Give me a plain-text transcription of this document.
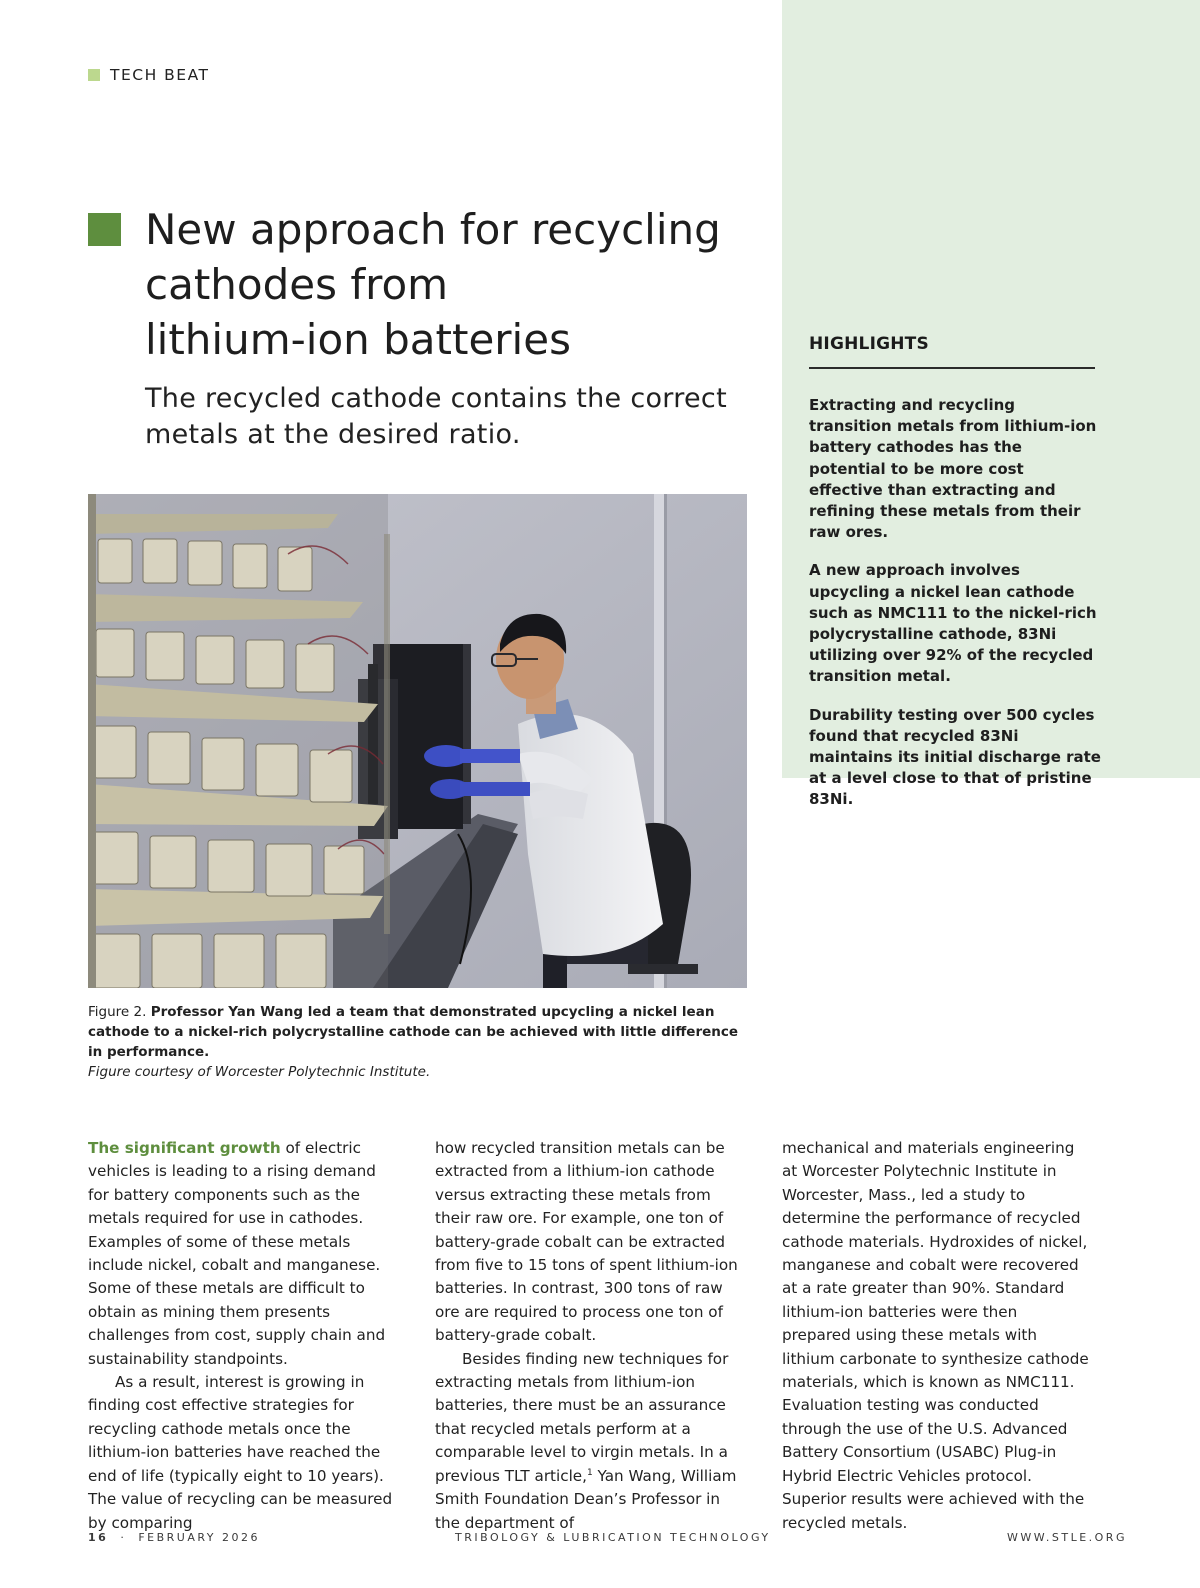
TECH BEAT
HIGHLIGHTS

Extracting and recycling transition metals from lithium-ion battery cathodes has the potential to be more cost effective than extracting and refining these metals from their raw ores.

A new approach involves upcycling a nickel lean cathode such as NMC111 to the nickel-rich polycrystalline cathode, 83Ni utilizing over 92% of the recycled transition metal.

Durability testing over 500 cycles found that recycled 83Ni maintains its initial discharge rate at a level close to that of pristine 83Ni.

New approach for recycling
cathodes from
lithium-ion batteries
The recycled cathode contains the correct metals at the desired ratio.
Figure 2. Professor Yan Wang led a team that demonstrated upcycling a nickel lean cathode to a nickel-rich polycrystalline cathode can be achieved with little difference in performance.
Figure courtesy of Worcester Polytechnic Institute.

The significant growth of electric vehicles is leading to a rising demand for battery components such as the metals required for use in cathodes. Examples of some of these metals include nickel, cobalt and manganese. Some of these metals are difficult to obtain as mining them presents challenges from cost, supply chain and sustainability standpoints.

As a result, interest is growing in finding cost effective strategies for recycling cathode metals once the lithium-ion batteries have reached the end of life (typically eight to 10 years). The value of recycling can be measured by comparing

how recycled transition metals can be extracted from a lithium-ion cathode versus extracting these metals from their raw ore. For example, one ton of battery-grade cobalt can be extracted from five to 15 tons of spent lithium-ion batteries. In contrast, 300 tons of raw ore are required to process one ton of battery-grade cobalt.

Besides finding new techniques for extracting metals from lithium-ion batteries, there must be an assurance that recycled metals perform at a comparable level to virgin metals. In a previous TLT article,$^1$ Yan Wang, William Smith Foundation Dean’s Professor in the department of

mechanical and materials engineering at Worcester Polytechnic Institute in Worcester, Mass., led a study to determine the performance of recycled cathode materials. Hydroxides of nickel, manganese and cobalt were recovered at a rate greater than 90%. Standard lithium-ion batteries were then prepared using these metals with lithium carbonate to synthesize cathode materials, which is known as NMC111. Evaluation testing was conducted through the use of the U.S. Advanced Battery Consortium (USABC) Plug-in Hybrid Electric Vehicles protocol. Superior results were achieved with the recycled metals.

16 · FEBRUARY 2026	TRIBOLOGY & LUBRICATION TECHNOLOGY	WWW.STLE.ORG
